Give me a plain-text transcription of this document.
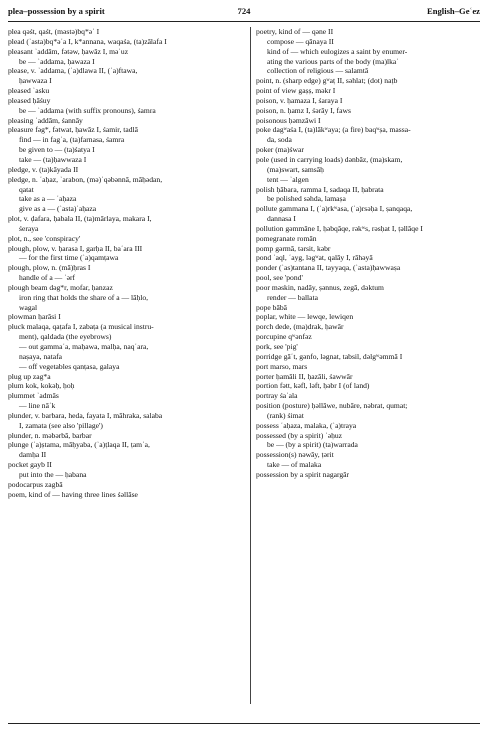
plea–possession by a spirit	724	English–Geʿez
plea qǝśt, qaśt, (mǝstǝ)bq*ǝʿ I
plead (ʾasta)bq*ǝʿa I, k*annana, waqaśa, (ta)zālafa I
pleasant ʾaddām, fǝtǝw, ḥawāz I, mǝʿuz
be — ʾaddama, ḥawaza I
please, v. ʾaddama, (ʾa)dlawa II, (ʾa)ftawa,
ḥawwaza I
pleased ʾasku
pleased ḥāśuy
be — ʾaddama (with suffix pronouns), śamra
pleasing ʾaddām, śannāy
pleasure fǝg*, fǝtwat, ḥawāz I, śamir, tadlā
find — in fagʿa, (ta)farnasa, śamra
be given to — (ta)śatya I
take — (ta)ḥawwaza I
pledge, v. (ta)kāyada II
pledge, n. ʿaḥaz, ʾarabon, (mǝ)ʿqǝbǝnnā, māḥǝdan,
qatat
take as a — ʿaḥaza
give as a — (ʾasta)ʿaḥaza
plot, v. ḍafara, ḥabala II, (ta)mārlaya, makara I,
śeraya
plot, n., see 'conspiracy'
plough, plow, v. ḥarasa I, garḥa II, baʿara III
— for the first time (ʾa)qamṭawa
plough, plow, n. (mā)ḥras I
handle of a — ʾǝrf
plough beam dǝg*r, mofar, ḥanzaz
iron ring that holds the share of a — lāḥlo,
wagal
plowman ḥarāsi I
pluck malaqa, qaṭafa I, zabaṭa (a musical instru-
ment), qaldada (the eyebrows)
— out gammaʿa, maḥawa, malḥa, naqʿara,
naṣaya, natafa
— off vegetables qanṭasa, galaya
plug up zag*a
plum kok, kokǝḥ, ḥoḥ
plummet ʾadmās
— line nāʿk
plunder, v. barbara, heda, fayata I, māhraka, salaba
I, zamata (see also 'pillage')
plunder, n. mǝbǝrbā, barbar
plunge (ʾa)ṣtama, māḥyaba, (ʾa)ṭlaqa II, ṭamʿa,
damḥa II
pocket gayb II
put into the — ḥabana
podocarpus zagbā
poem, kind of — having three lines śǝllāse
poetry, kind of — qǝne II
compose — qānaya II
kind of — which eulogizes a saint by enumer-
ating the various parts of the body (ma)lkaʾ
collection of religious — salamtā
point, n. (sharp edge) gʷaṭ II, sǝhlat; (dot) naṭb
point of view gaṣṣ, mǝkr I
poison, v. ḥamaza I, śaraya I
poison, n. ḥamz I, śǝrāy I, faws
poisonous ḥǝmzāwi I
poke dagʷaśa I, (ta)lākʷaya; (a fire) baqʷṣa, massa-
da, soda
poker (ma)śwar
pole (used in carrying loads) dǝnbāz, (ma)skam,
(ma)swart, samsāḥ
tent — ʾalgen
polish ḥābara, ramma I, sadaqa II, ḥabrata
be polished sǝhda, lamaṣa
pollute gammana I, (ʾa)rkʷasa, (ʾa)rsǝḥa I, ṣanqaqa,
dannasa I
pollution gǝmmāne I, ḥǝbqāqe, rǝkʷs, rǝsḥat I, ṭǝllāqe I
pomegranate romān
pomp gǝrmā, tǝrsit, kǝbr
pond ʾaql, ʿayg, lǝgʷat, qalāy I, rāhǝyā
ponder (ʾas)tantana II, tayyaqa, (ʾasta)ḥawwaṣa
pool, see 'pond'
poor mǝskin, nadāy, ṣǝnnus, zegā, dǝktum
render — ballata
pope bābā
poplar, white — lewqe, lewiqen
porch dede, (ma)drak, ḥawār
porcupine qʷǝnfǝz
pork, see 'pig'
porridge gāʿt, gǝnfo, lǝgnat, tabsil, dǝlgʷǝmmā I
port marso, mars
porter ḥamāli II, ḥazāli, śawwār
portion fǝtt, kǝfl, lǝft, ḥǝbr I (of land)
portray śaʿala
position (posture) ḥǝllāwe, nubāre, nǝbrat, qumat;
(rank) śimat
possess ʿaḥaza, malaka, (ʾa)traya
possessed (by a spirit) ʾǝḥuz
be — (by a spirit) (ta)warrada
possession(s) nǝwāy, ṭǝrit
take — of malaka
possession by a spirit nagargār
